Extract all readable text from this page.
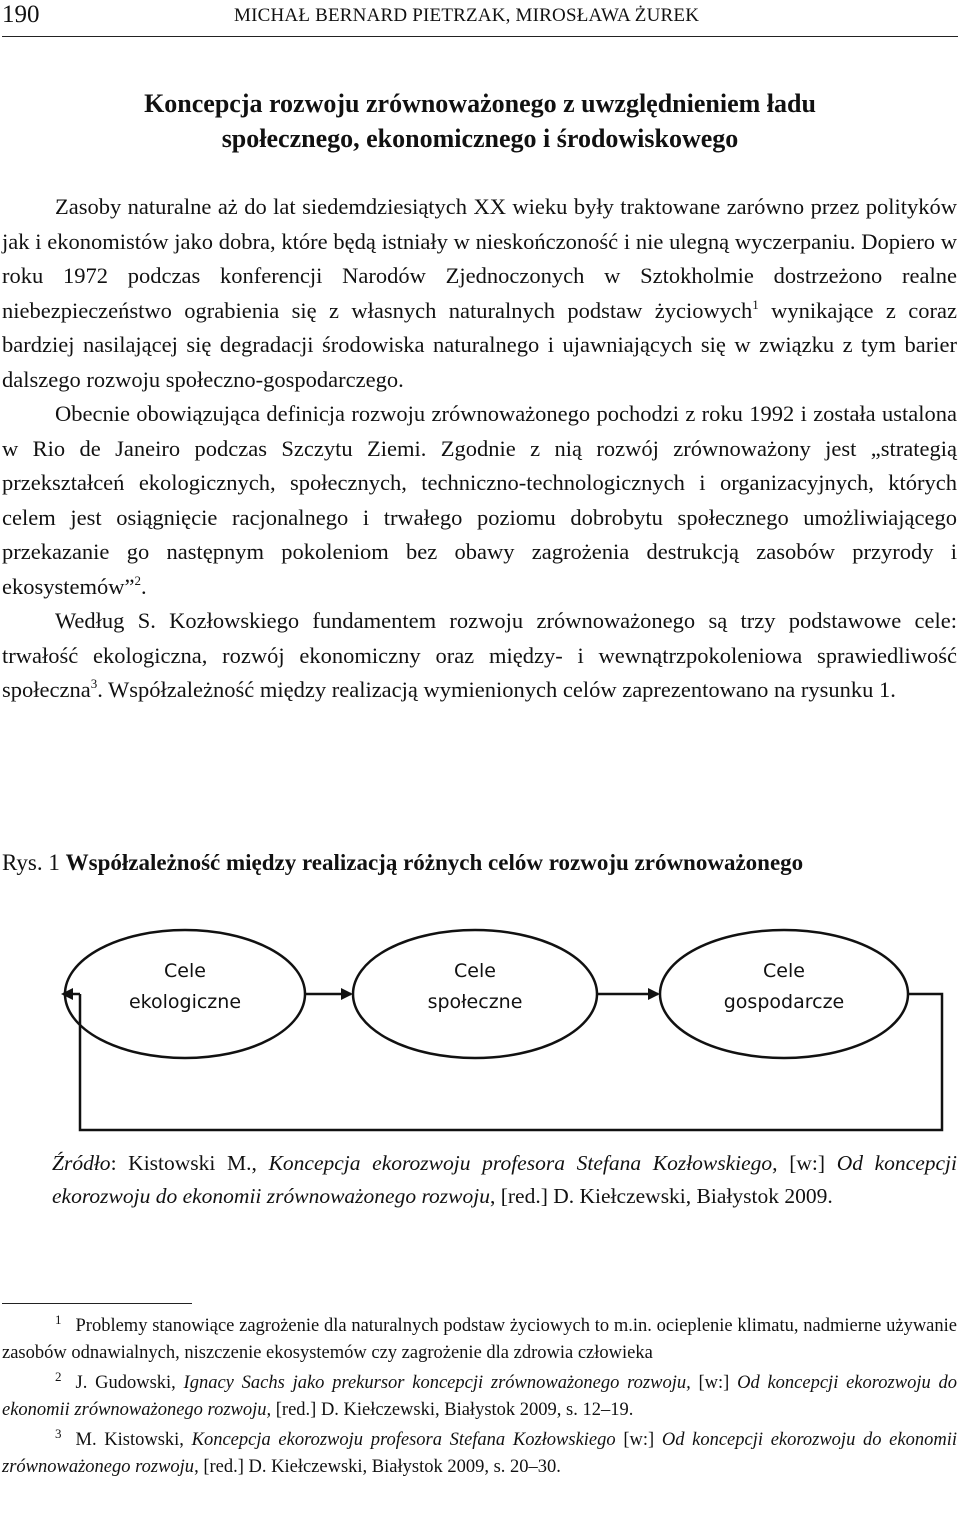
190	MICHAŁ BERNARD PIETRZAK, MIROSŁAWA ŻUREK
Koncepcja rozwoju zrównoważonego z uwzględnieniem ładu
społecznego, ekonomicznego i środowiskowego

Zasoby naturalne aż do lat siedemdziesiątych XX wieku były traktowane zarówno przez polityków jak i ekonomistów jako dobra, które będą istniały w nieskończoność i nie ulegną wyczerpaniu. Dopiero w roku 1972 podczas konferencji Narodów Zjednoczonych w Sztokholmie dostrzeżono realne niebezpieczeństwo ograbienia się z własnych naturalnych podstaw życiowych$^1$ wynikające z coraz bardziej nasilającej się degradacji środowiska naturalnego i ujawniających się w związku z tym barier dalszego rozwoju społeczno-gospodarczego.

Obecnie obowiązująca definicja rozwoju zrównoważonego pochodzi z roku 1992 i została ustalona w Rio de Janeiro podczas Szczytu Ziemi. Zgodnie z nią rozwój zrównoważony jest „strategią przekształceń ekologicznych, społecznych, techniczno-technologicznych i organizacyjnych, których celem jest osiągnięcie racjonalnego i trwałego poziomu dobrobytu społecznego umożliwiającego przekazanie go następnym pokoleniom bez obawy zagrożenia destrukcją zasobów przyrody i ekosystemów”$^2$.

Według S. Kozłowskiego fundamentem rozwoju zrównoważonego są trzy podstawowe cele: trwałość ekologiczna, rozwój ekonomiczny oraz między- i wewnątrzpokoleniowa sprawiedliwość społeczna$^3$. Współzależność między realizacją wymienionych celów zaprezentowano na rysunku 1.

Rys. 1 Współzależność między realizacją różnych celów rozwoju zrównoważonego
Cele
ekologiczne
Cele
społeczne
Cele
gospodarcze
Źródło: Kistowski M., Koncepcja ekorozwoju profesora Stefana Kozłowskiego, [w:] Od koncepcji ekorozwoju do ekonomii zrównoważonego rozwoju, [red.] D. Kiełczewski, Białystok 2009.

$^1$ Problemy stanowiące zagrożenie dla naturalnych podstaw życiowych to m.in. ocieplenie klimatu, nadmierne używanie zasobów odnawialnych, niszczenie ekosystemów czy zagrożenie dla zdrowia człowieka

$^2$ J. Gudowski, Ignacy Sachs jako prekursor koncepcji zrównoważonego rozwoju, [w:] Od koncepcji ekorozwoju do ekonomii zrównoważonego rozwoju, [red.] D. Kiełczewski, Białystok 2009, s. 12–19.

$^3$ M. Kistowski, Koncepcja ekorozwoju profesora Stefana Kozłowskiego [w:] Od koncepcji ekorozwoju do ekonomii zrównoważonego rozwoju, [red.] D. Kiełczewski, Białystok 2009, s. 20–30.
